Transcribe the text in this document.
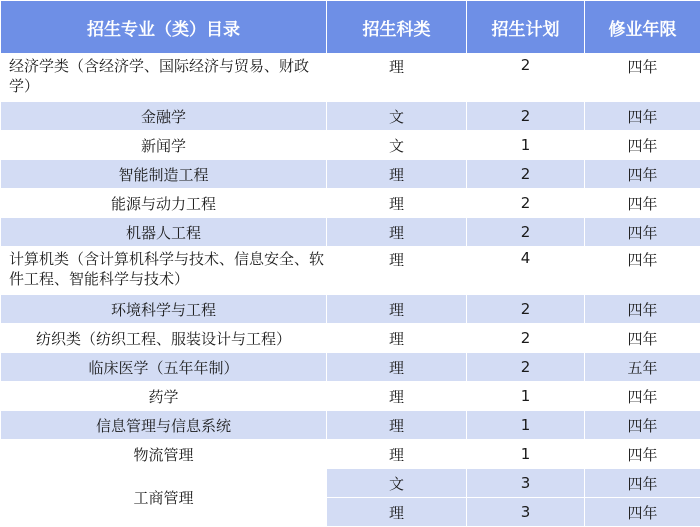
招生专业（类）目录	招生科类	招生计划	修业年限
经济学类（含经济学、国际经济与贸易、财政学）	理	2	四年
金融学	文	2	四年
新闻学	文	1	四年
智能制造工程	理	2	四年
能源与动力工程	理	2	四年
机器人工程	理	2	四年
计算机类（含计算机科学与技术、信息安全、软件工程、智能科学与技术）	理	4	四年
环境科学与工程	理	2	四年
纺织类（纺织工程、服装设计与工程）	理	2	四年
临床医学（五年年制）	理	2	五年
药学	理	1	四年
信息管理与信息系统	理	1	四年
物流管理	理	1	四年
工商管理	文	3	四年
	理	3	四年
